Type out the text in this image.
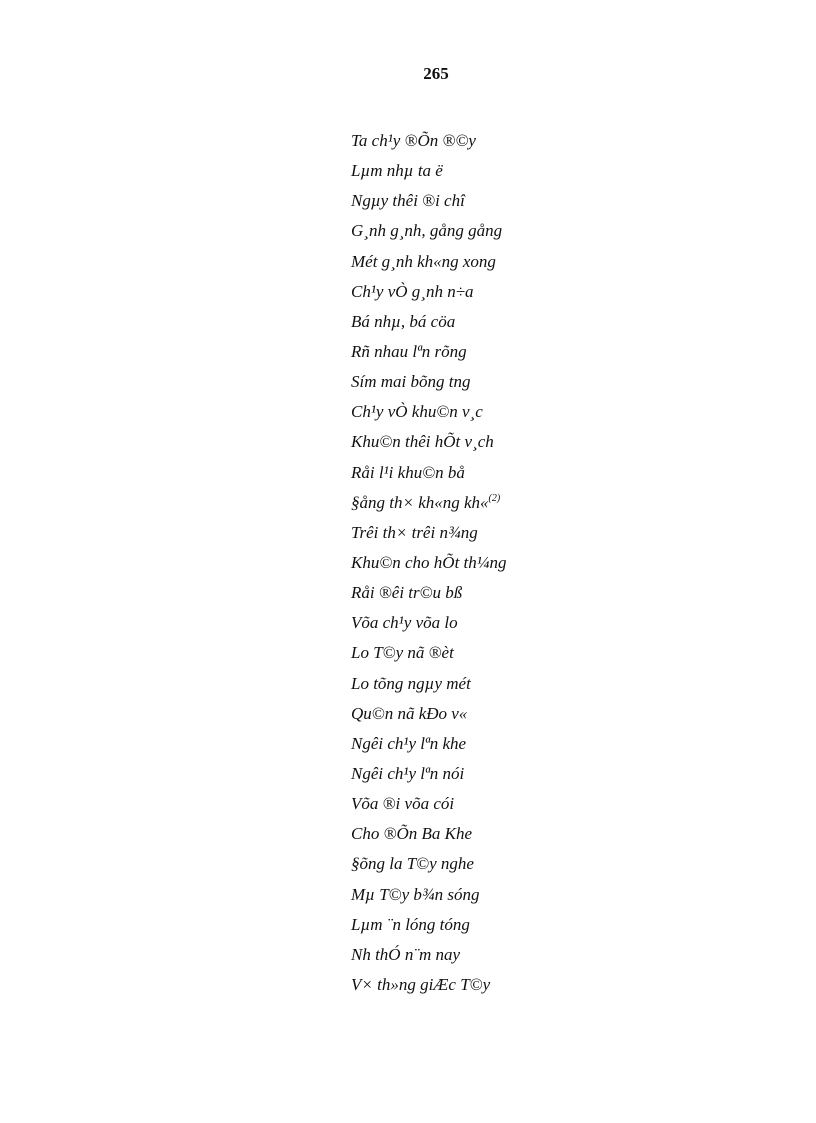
265
Ta ch¹y ®Õn ®©y
Lµm nhµ ta ë
Ngµy thêi ®i chî
G¸nh g¸nh, gång gång
Mét g¸nh kh«ng xong
Ch¹y vÒ g¸nh n÷a
Bá nhµ, bá cöa
Rñ nhau lªn rõng
Sím mai bõng tng
Ch¹y vÒ khu©n v¸c
Khu©n thêi hÕt v¸ch
Råi l¹i khu©n bå
§ång th× kh«ng kh«$^{(2)}$
Trêi th× trêi n¾ng
Khu©n cho hÕt th¼ng
Råi ®êi tr©u bß
Võa ch¹y võa lo
Lo T©y nã ®èt
Lo tõng ngµy mét
Qu©n nã kÐo v«
Ngêi ch¹y lªn khe
Ngêi ch¹y lªn nói
Võa ®i võa cói
Cho ®Õn Ba Khe
§õng la T©y nghe
Mµ T©y b¾n sóng
Lµm ¨n lóng tóng
Nh thÓ n¨m nay
V× th»ng giÆc T©y
